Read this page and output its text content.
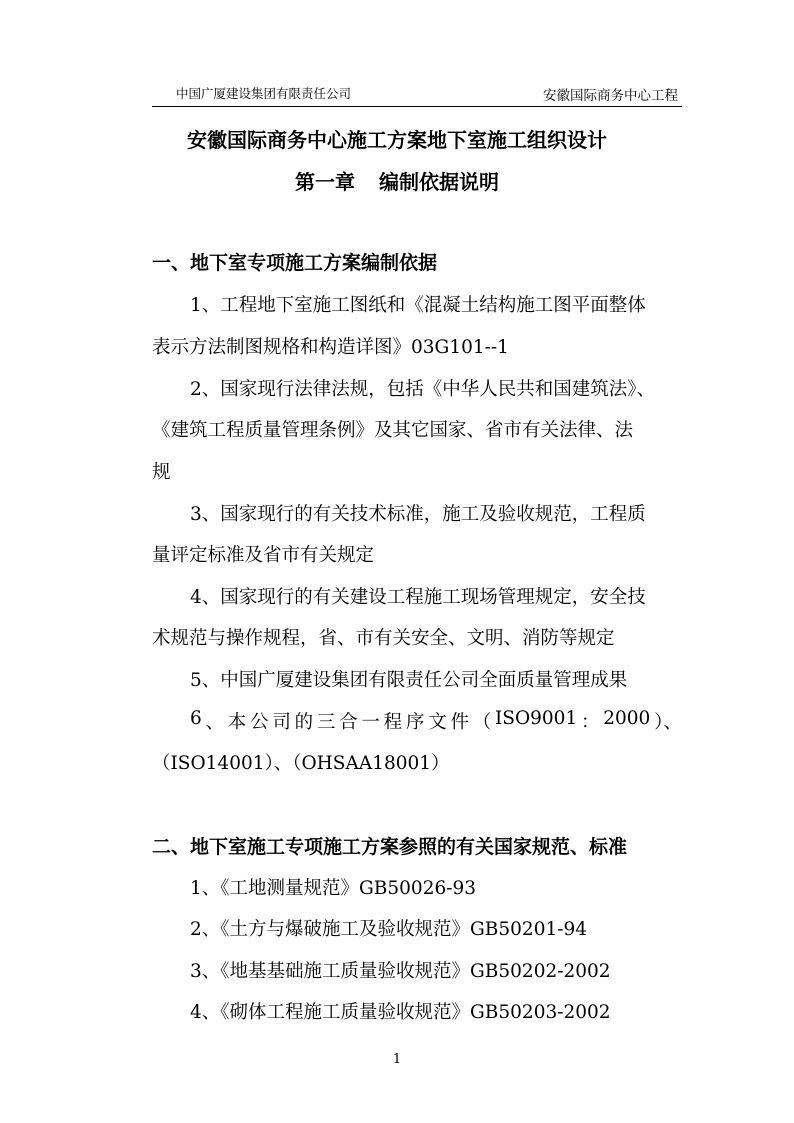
中国广厦建设集团有限责任公司	安徽国际商务中心工程
安徽国际商务中心施工方案地下室施工组织设计
第一章 编制依据说明
一、地下室专项施工方案编制依据
1、工程地下室施工图纸和《混凝土结构施工图平面整体
表示方法制图规格和构造详图》03G101--1
2、国家现行法律法规，包括《中华人民共和国建筑法》、
《建筑工程质量管理条例》及其它国家、省市有关法律、法
规
3、国家现行的有关技术标准，施工及验收规范，工程质
量评定标准及省市有关规定
4、国家现行的有关建设工程施工现场管理规定，安全技
术规范与操作规程，省、市有关安全、文明、消防等规定
5、中国广厦建设集团有限责任公司全面质量管理成果
6 、 本 公 司 的 三 合 一 程 序 文 件 （ ISO9001 ： 2000 ）、
（ISO14001）、（OHSAA18001）
二、地下室施工专项施工方案参照的有关国家规范、标准
1、《工地测量规范》GB50026-93
2、《土方与爆破施工及验收规范》GB50201-94
3、《地基基础施工质量验收规范》GB50202-2002
4、《砌体工程施工质量验收规范》GB50203-2002
1
